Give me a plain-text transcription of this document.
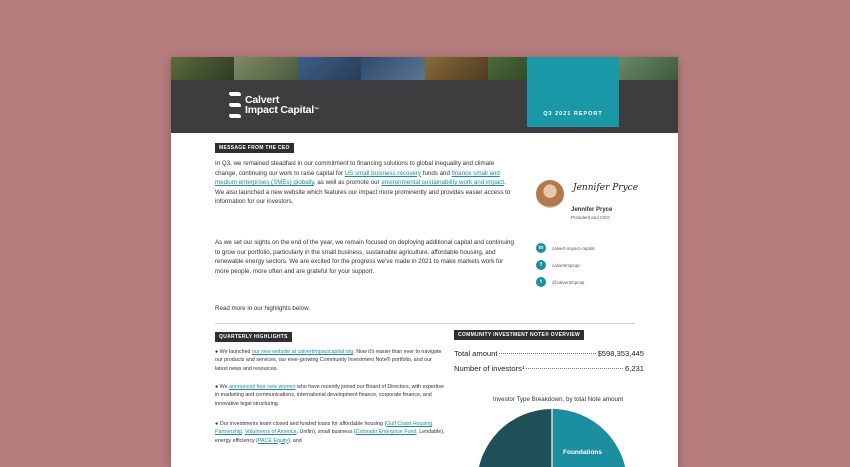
Calvert
Impact Capital™
Q3 2021 REPORT
MESSAGE FROM THE CEO
In Q3, we remained steadfast in our commitment to financing solutions to global inequality and climate change, continuing our work to raise capital for US small business recovery funds and finance small and medium enterprises (SMEs) globally, as well as promote our environmental sustainability work and impact. We also launched a new website which features our impact more prominently and provides easier access to information for our investors.
As we set our sights on the end of the year, we remain focused on deploying additional capital and continuing to grow our portfolio, particularly in the small business, sustainable agriculture, affordable housing, and renewable energy sectors. We are excited for the progress we've made in 2021 to make markets work for more people, more often and are grateful for your support.
Read more in our highlights below.
Jennifer Pryce
Jennifer Pryce
President and CEO
in	calvert-impact-capital
f	calvertimpcap
t	@calvertimpcap
QUARTERLY HIGHLIGHTS
● We launched our new website at calvertimpactcapital.org. Now it's easier than ever to navigate our products and services, our ever-growing Community Investment Note® portfolio, and our latest news and resources.
● We announced four new women who have recently joined our Board of Directors, with expertise in marketing and communications, international development finance, corporate finance, and innovative legal structuring.
● Our investments team closed and funded loans for affordable housing (Gulf Coast Housing Partnership, Volunteers of America, Unifin), small business (Colorado Enterprise Fund, Lendable), energy efficiency (PACE Equity), and
COMMUNITY INVESTMENT NOTE® OVERVIEW
Total amount	$598,353,445
Number of investors¹	6,231
Investor Type Breakdown, by total Note amount
Foundations
